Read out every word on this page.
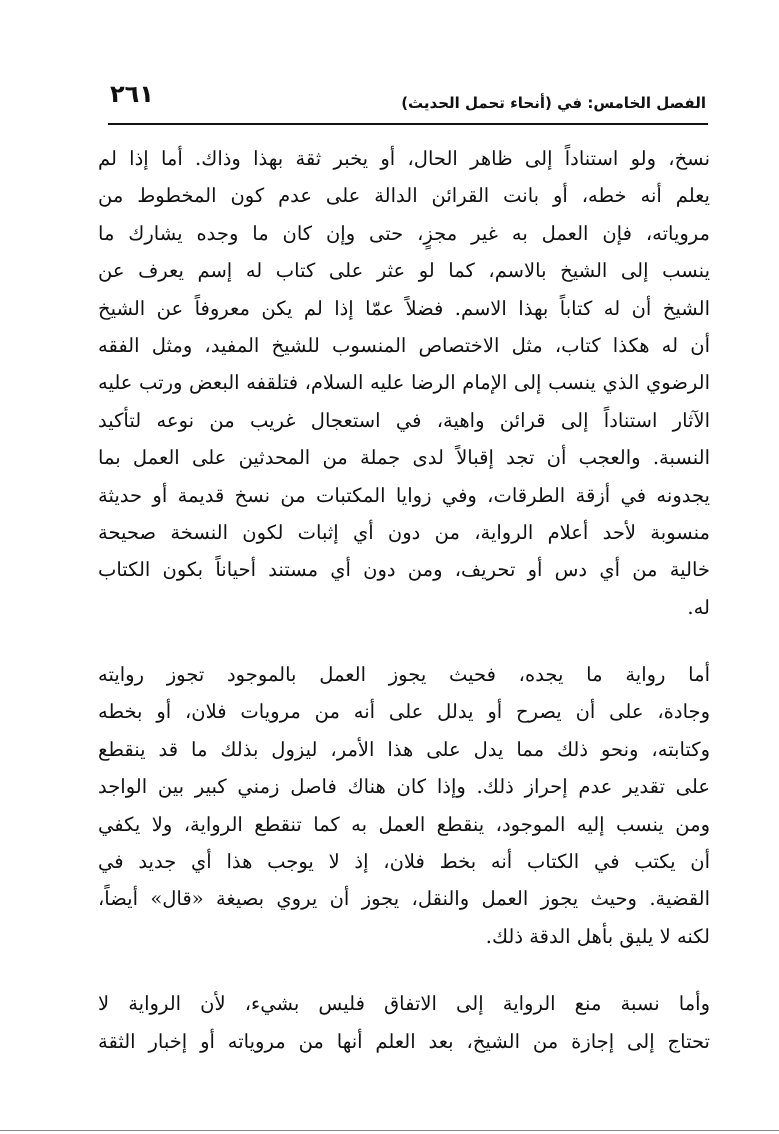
الفصل الخامس: في (أنحاء تحمل الحديث)
٢٦١
نسخ، ولو استناداً إلى ظاهر الحال، أو يخبر ثقة بهذا وذاك. أما إذا لم
يعلم أنه خطه، أو بانت القرائن الدالة على عدم كون المخطوط من
مروياته، فإن العمل به غير مجزٍ، حتى وإن كان ما وجده يشارك ما
ينسب إلى الشيخ بالاسم، كما لو عثر على كتاب له إسم يعرف عن
الشيخ أن له كتاباً بهذا الاسم. فضلاً عمّا إذا لم يكن معروفاً عن الشيخ
أن له هكذا كتاب، مثل الاختصاص المنسوب للشيخ المفيد، ومثل الفقه
الرضوي الذي ينسب إلى الإمام الرضا عليه السلام، فتلقفه البعض ورتب عليه
الآثار استناداً إلى قرائن واهية، في استعجال غريب من نوعه لتأكيد
النسبة. والعجب أن تجد إقبالاً لدى جملة من المحدثين على العمل بما
يجدونه في أزقة الطرقات، وفي زوايا المكتبات من نسخ قديمة أو حديثة
منسوبة لأحد أعلام الرواية، من دون أي إثبات لكون النسخة صحيحة
خالية من أي دس أو تحريف، ومن دون أي مستند أحياناً بكون الكتاب
له.
أما رواية ما يجده، فحيث يجوز العمل بالموجود تجوز روايته
وجادة، على أن يصرح أو يدلل على أنه من مرويات فلان، أو بخطه
وكتابته، ونحو ذلك مما يدل على هذا الأمر، ليزول بذلك ما قد ينقطع
على تقدير عدم إحراز ذلك. وإذا كان هناك فاصل زمني كبير بين الواجد
ومن ينسب إليه الموجود، ينقطع العمل به كما تنقطع الرواية، ولا يكفي
أن يكتب في الكتاب أنه بخط فلان، إذ لا يوجب هذا أي جديد في
القضية. وحيث يجوز العمل والنقل، يجوز أن يروي بصيغة «قال» أيضاً،
لكنه لا يليق بأهل الدقة ذلك.
وأما نسبة منع الرواية إلى الاتفاق فليس بشيء، لأن الرواية لا
تحتاج إلى إجازة من الشيخ، بعد العلم أنها من مروياته أو إخبار الثقة
